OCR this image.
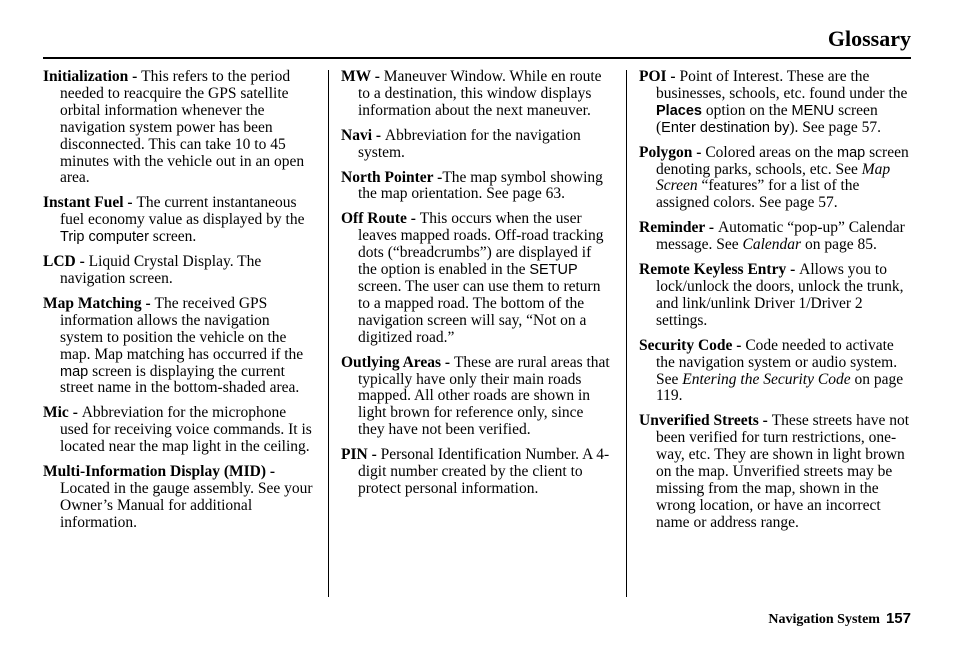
Glossary

Initialization - This refers to the period needed to reacquire the GPS satellite orbital information whenever the navigation system power has been disconnected. This can take 10 to 45 minutes with the vehicle out in an open area.

Instant Fuel - The current instantaneous fuel economy value as displayed by the Trip computer screen.

LCD - Liquid Crystal Display. The navigation screen.

Map Matching - The received GPS information allows the navigation system to position the vehicle on the map. Map matching has occurred if the map screen is displaying the current street name in the bottom-shaded area.

Mic - Abbreviation for the microphone used for receiving voice commands. It is located near the map light in the ceiling.

Multi-Information Display (MID) - Located in the gauge assembly. See your Owner’s Manual for additional information.

MW - Maneuver Window. While en route to a destination, this window displays information about the next maneuver.

Navi - Abbreviation for the navigation system.

North Pointer -The map symbol showing the map orientation. See page 63.

Off Route - This occurs when the user leaves mapped roads. Off-road tracking dots (“breadcrumbs”) are displayed if the option is enabled in the SETUP screen. The user can use them to return to a mapped road. The bottom of the navigation screen will say, “Not on a digitized road.”

Outlying Areas - These are rural areas that typically have only their main roads mapped. All other roads are shown in light brown for reference only, since they have not been verified.

PIN - Personal Identification Number. A 4-digit number created by the client to protect personal information.

POI - Point of Interest. These are the businesses, schools, etc. found under the Places option on the MENU screen (Enter destination by). See page 57.

Polygon - Colored areas on the map screen denoting parks, schools, etc. See Map Screen “features” for a list of the assigned colors. See page 57.

Reminder - Automatic “pop-up” Calendar message. See Calendar on page 85.

Remote Keyless Entry - Allows you to lock/unlock the doors, unlock the trunk, and link/unlink Driver 1/Driver 2 settings.

Security Code - Code needed to activate the navigation system or audio system. See Entering the Security Code on page 119.

Unverified Streets - These streets have not been verified for turn restrictions, one-way, etc. They are shown in light brown on the map. Unverified streets may be missing from the map, shown in the wrong location, or have an incorrect name or address range.

Navigation System 157
